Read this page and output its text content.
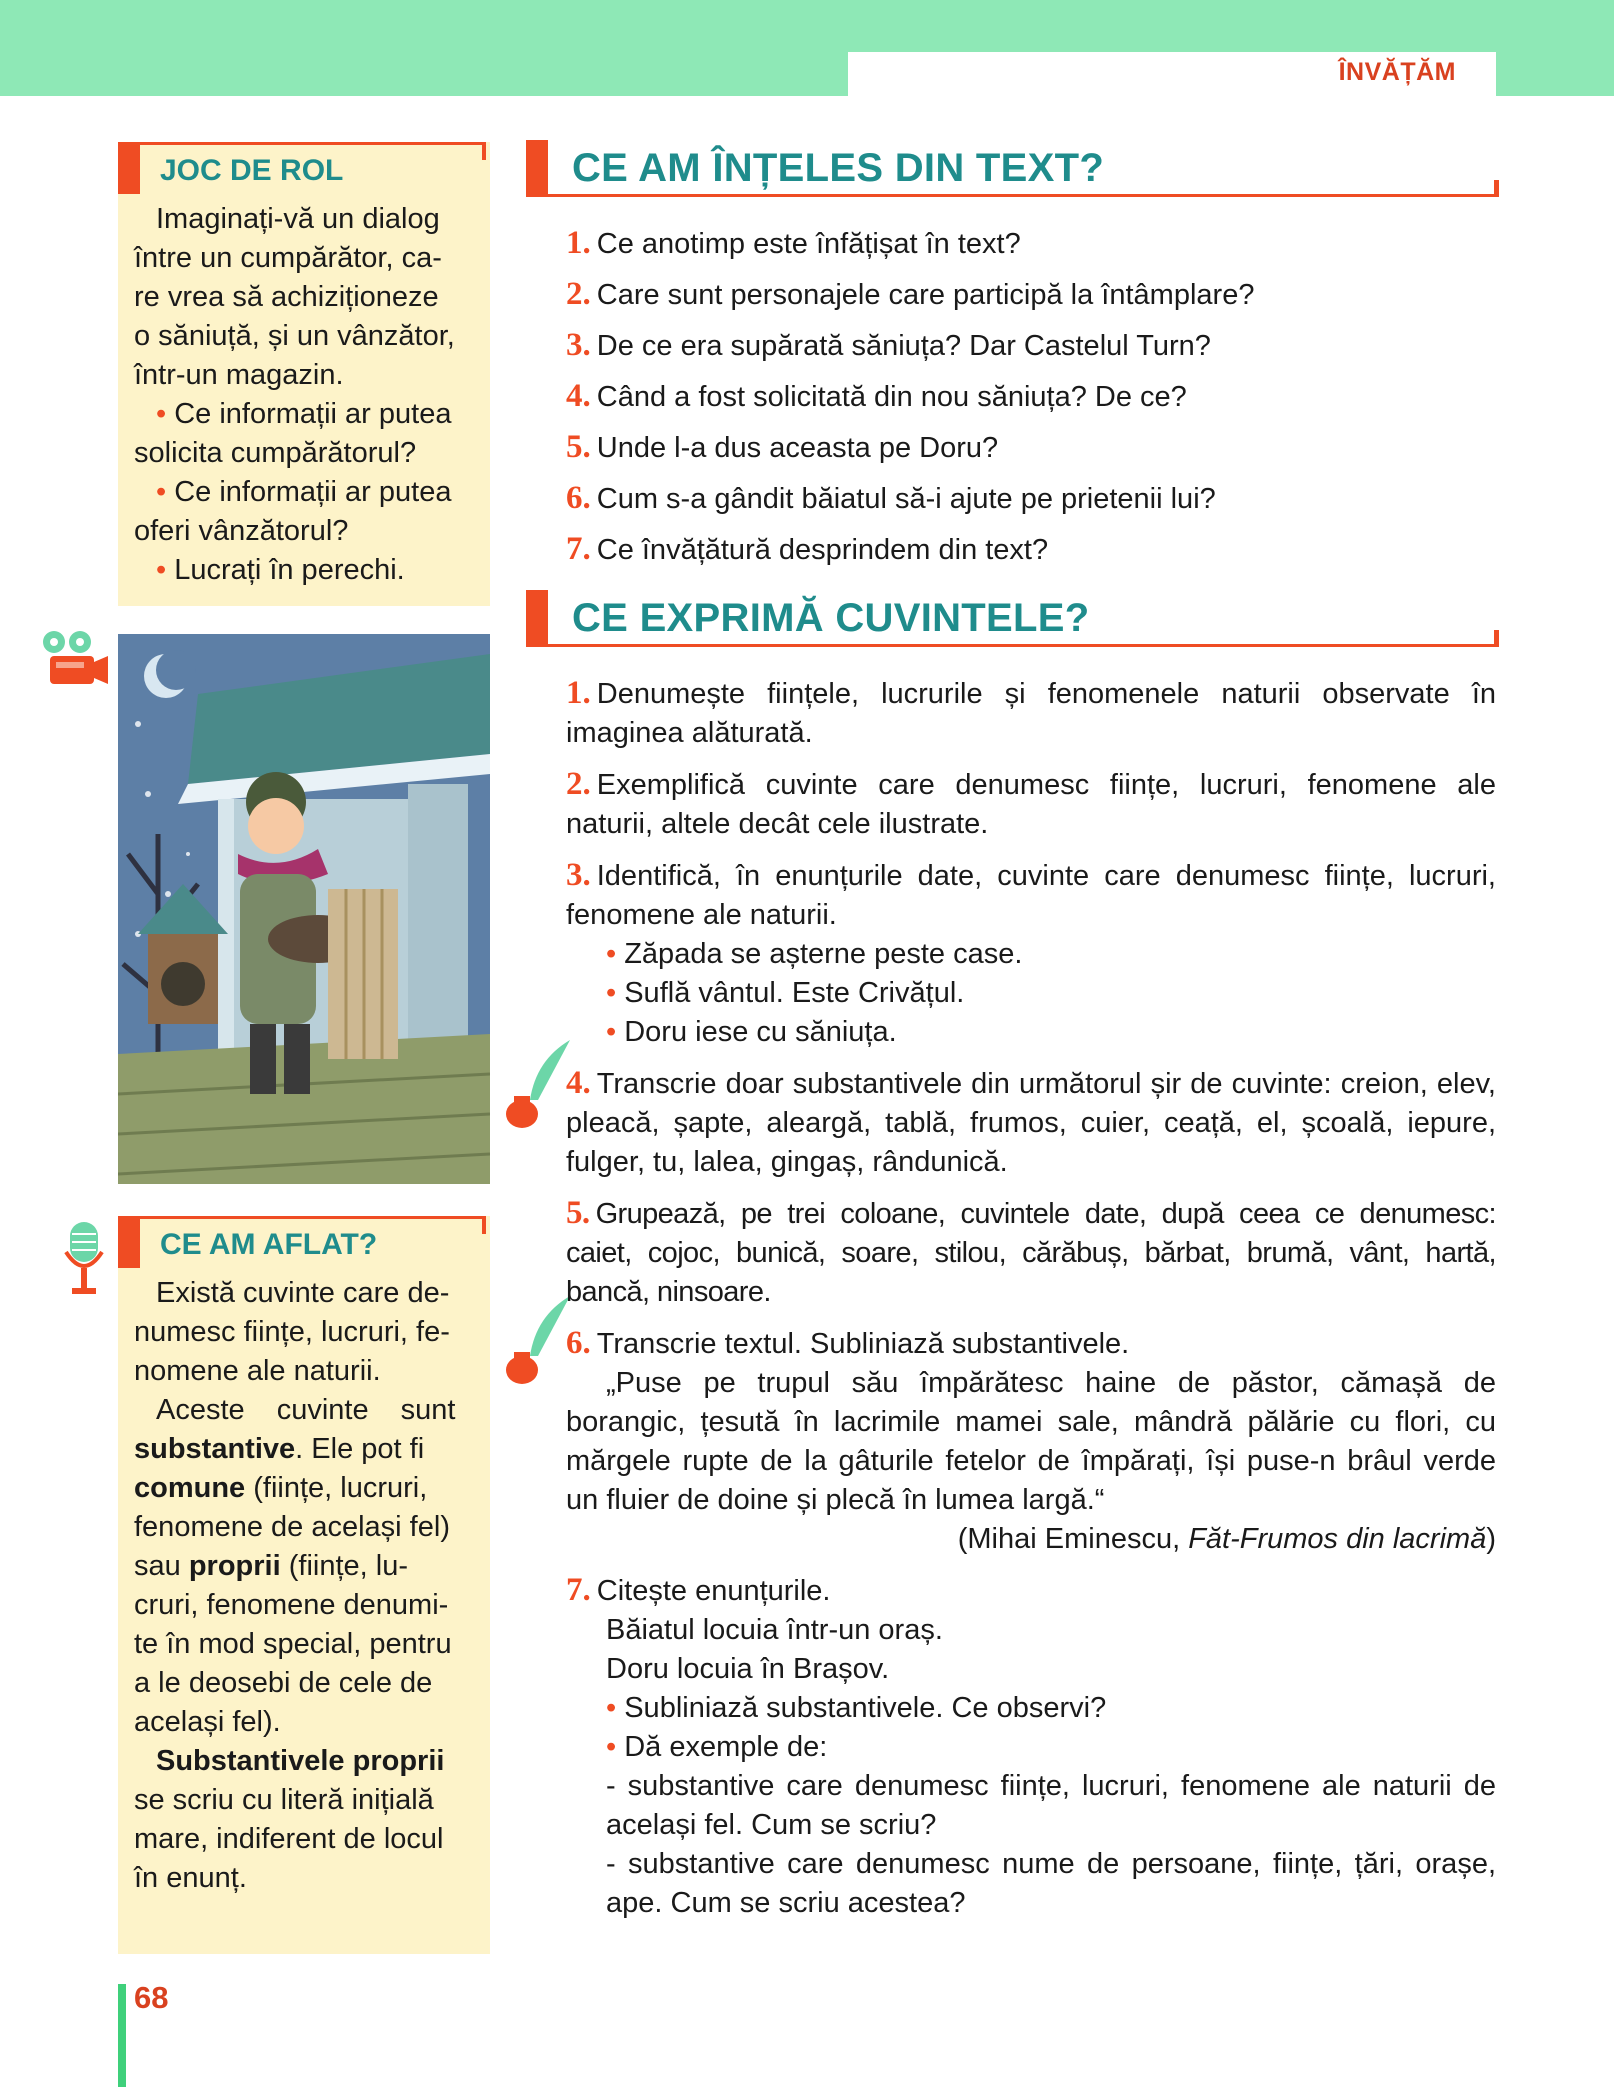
ÎNVĂȚĂM
JOC DE ROL

Imaginați-vă un dialog

între un cumpărător, ca-

re vrea să achiziționeze

o săniuță, și un vânzător,

într-un magazin.

• Ce informații ar putea

solicita cumpărătorul?

• Ce informații ar putea

oferi vânzătorul?

• Lucrați în perechi.

CE AM AFLAT?

Există cuvinte care de-

numesc ființe, lucruri, fe-

nomene ale naturii.

Aceste cuvinte sunt

substantive. Ele pot fi

comune (ființe, lucruri,

fenomene de același fel)

sau proprii (ființe, lu-

cruri, fenomene denumi-

te în mod special, pentru

a le deosebi de cele de

același fel).

Substantivele proprii

se scriu cu literă inițială

mare, indiferent de locul

în enunț.

CE AM ÎNȚELES DIN TEXT?
1. Ce anotimp este înfățișat în text?
2. Care sunt personajele care participă la întâmplare?
3. De ce era supărată săniuța? Dar Castelul Turn?
4. Când a fost solicitată din nou săniuța? De ce?
5. Unde l-a dus aceasta pe Doru?
6. Cum s-a gândit băiatul să-i ajute pe prietenii lui?
7. Ce învățătură desprindem din text?
CE EXPRIMĂ CUVINTELE?

1. Denumește ființele, lucrurile și fenomenele naturii observate în imaginea alăturată.

2. Exemplifică cuvinte care denumesc ființe, lucruri, fenomene ale naturii, altele decât cele ilustrate.

3. Identifică, în enunțurile date, cuvinte care denumesc ființe, lucruri, fenomene ale naturii.

• Zăpada se așterne peste case.

• Suflă vântul. Este Crivățul.

• Doru iese cu săniuța.

4. Transcrie doar substantivele din următorul șir de cuvinte: creion, elev, pleacă, șapte, aleargă, tablă, frumos, cuier, ceață, el, școală, iepure, fulger, tu, lalea, gingaș, rândunică.

5. Grupează, pe trei coloane, cuvintele date, după ceea ce denumesc: caiet, cojoc, bunică, soare, stilou, cărăbuș, bărbat, brumă, vânt, hartă, bancă, ninsoare.

6. Transcrie textul. Subliniază substantivele.

„Puse pe trupul său împărătesc haine de păstor, cămașă de borangic, țesută în lacrimile mamei sale, mândră pălărie cu flori, cu mărgele rupte de la gâturile fetelor de împărați, își puse-n brâul verde un fluier de doine și plecă în lumea largă.“

(Mihai Eminescu, Făt-Frumos din lacrimă)

7. Citește enunțurile.

Băiatul locuia într-un oraș.

Doru locuia în Brașov.

• Subliniază substantivele. Ce observi?

• Dă exemple de:

- substantive care denumesc ființe, lucruri, fenomene ale naturii de același fel. Cum se scriu?

- substantive care denumesc nume de persoane, ființe, țări, orașe, ape. Cum se scriu acestea?

68
